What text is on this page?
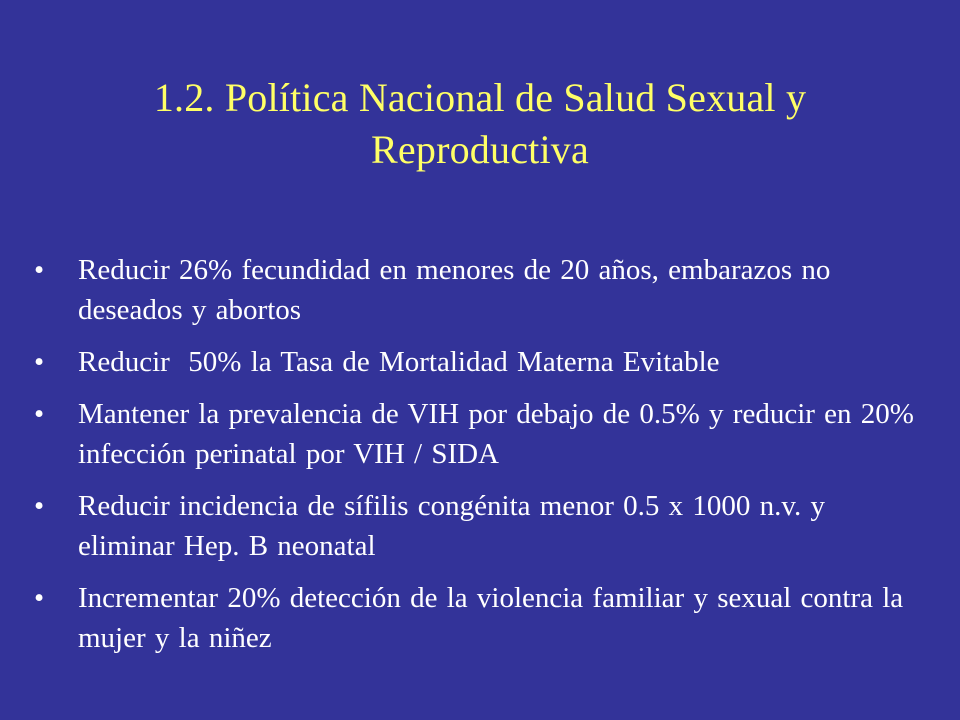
1.2. Política Nacional de Salud Sexual y Reproductiva
•	Reducir 26% fecundidad en menores de 20 años, embarazos no deseados y abortos
•	Reducir  50% la Tasa de Mortalidad Materna Evitable
•	Mantener la prevalencia de VIH por debajo de 0.5% y reducir en 20% infección perinatal por VIH / SIDA
•	Reducir incidencia de sífilis congénita menor 0.5 x 1000 n.v. y eliminar Hep. B neonatal
•	Incrementar 20% detección de la violencia familiar y sexual contra la mujer y la niñez
